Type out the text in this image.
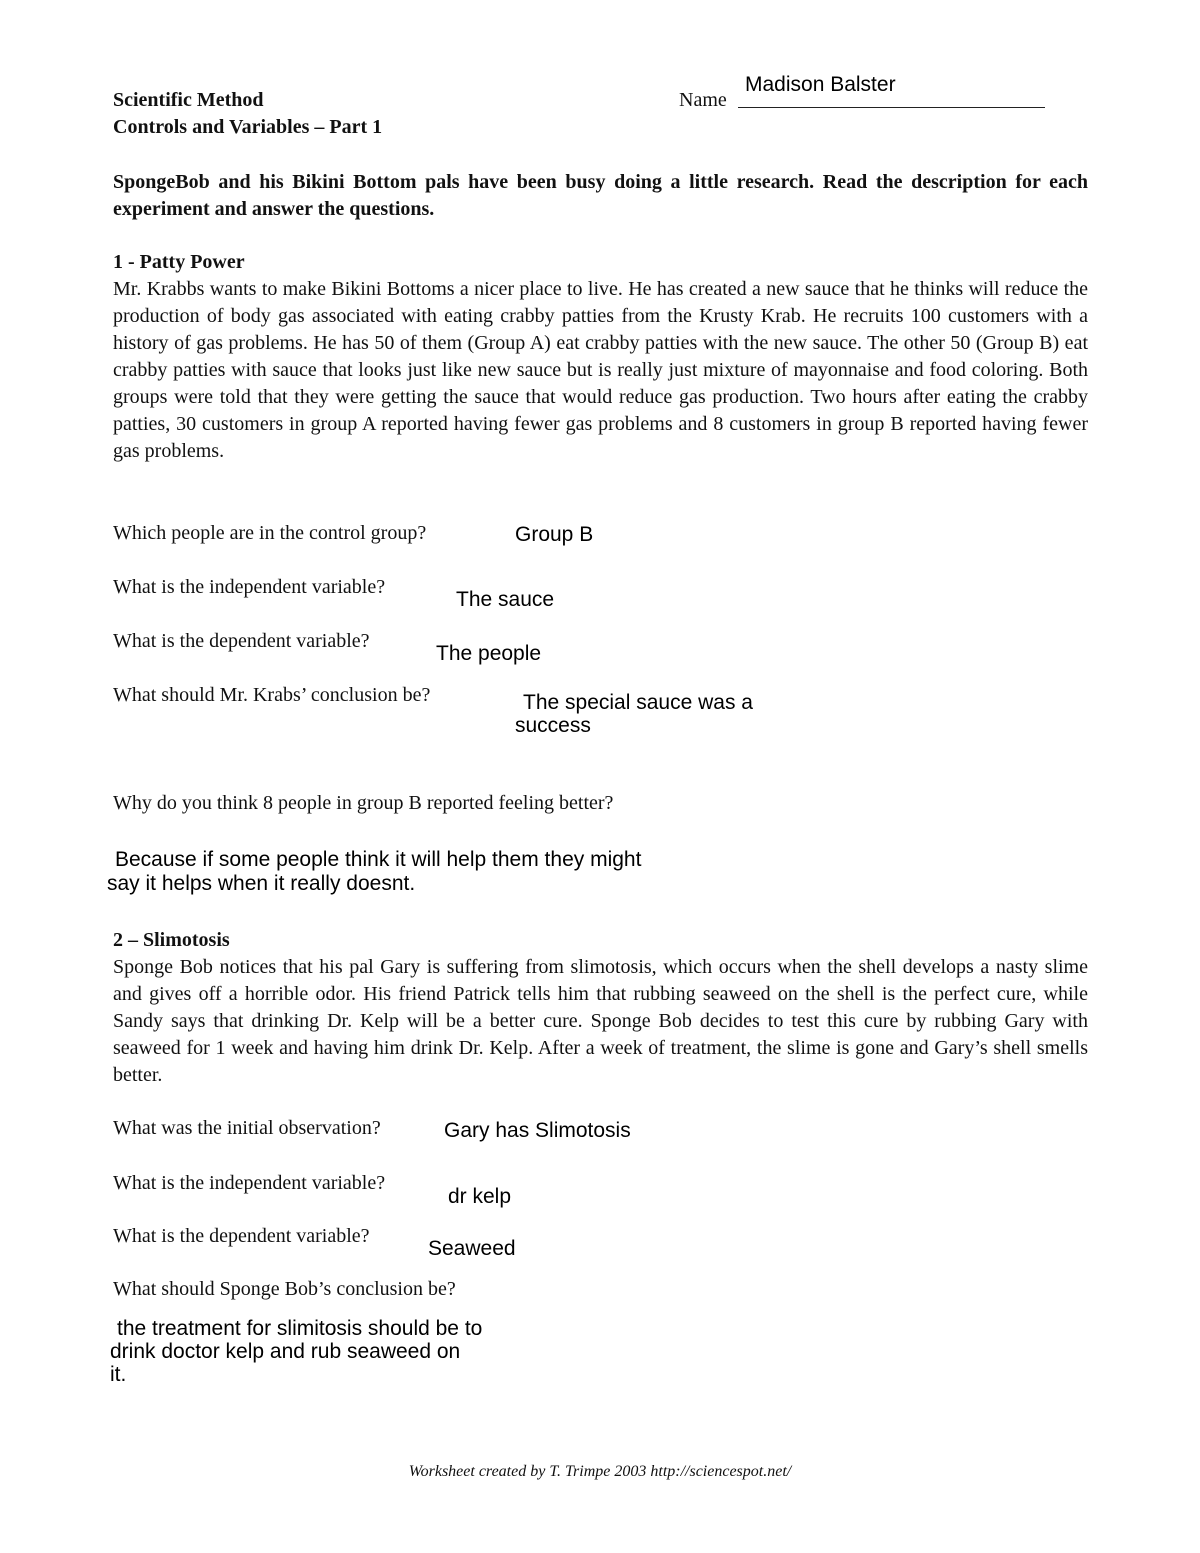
Scientific Method
Controls and Variables – Part 1
Name
Madison Balster
SpongeBob and his Bikini Bottom pals have been busy doing a little research. Read the description for each experiment and answer the questions.
1 - Patty Power
Mr. Krabbs wants to make Bikini Bottoms a nicer place to live. He has created a new sauce that he thinks will reduce the production of body gas associated with eating crabby patties from the Krusty Krab. He recruits 100 customers with a history of gas problems. He has 50 of them (Group A) eat crabby patties with the new sauce. The other 50 (Group B) eat crabby patties with sauce that looks just like new sauce but is really just mixture of mayonnaise and food coloring. Both groups were told that they were getting the sauce that would reduce gas production. Two hours after eating the crabby patties, 30 customers in group A reported having fewer gas problems and 8 customers in group B reported having fewer gas problems.
Which people are in the control group?	Group B
What is the independent variable?
The sauce
What is the dependent variable?
The people
What should Mr. Krabs’ conclusion be?	The special sauce was a
success
Why do you think 8 people in group B reported feeling better?
Because if some people think it will help them they might
say it helps when it really doesnt.
2 – Slimotosis
Sponge Bob notices that his pal Gary is suffering from slimotosis, which occurs when the shell develops a nasty slime and gives off a horrible odor. His friend Patrick tells him that rubbing seaweed on the shell is the perfect cure, while Sandy says that drinking Dr. Kelp will be a better cure. Sponge Bob decides to test this cure by rubbing Gary with seaweed for 1 week and having him drink Dr. Kelp. After a week of treatment, the slime is gone and Gary’s shell smells better.
What was the initial observation?	Gary has Slimotosis
What is the independent variable?
dr kelp
What is the dependent variable?
Seaweed
What should Sponge Bob’s conclusion be?
the treatment for slimitosis should be to
drink doctor kelp and rub seaweed on
it.
Worksheet created by T. Trimpe 2003 http://sciencespot.net/
